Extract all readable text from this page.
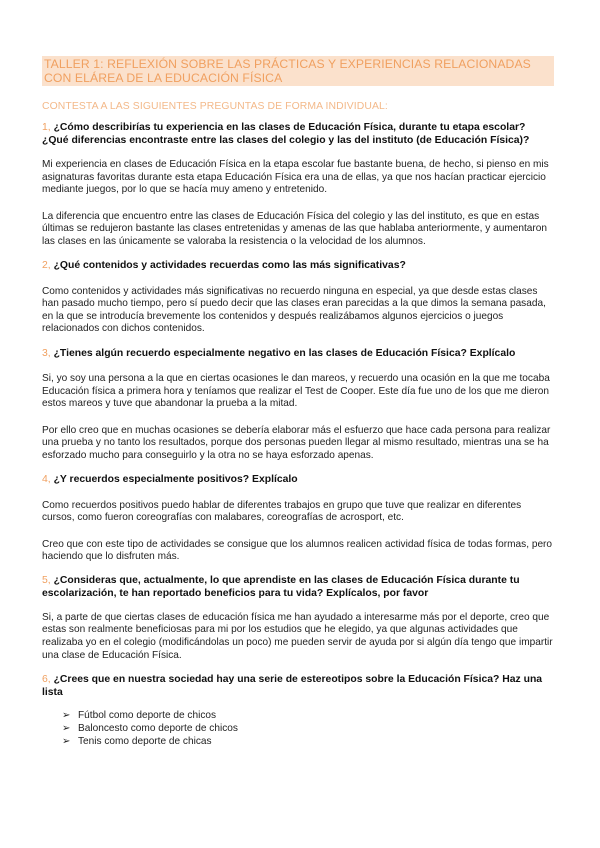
TALLER 1: REFLEXIÓN SOBRE LAS PRÁCTICAS Y EXPERIENCIAS RELACIONADAS CON ELÁREA DE LA EDUCACIÓN FÍSICA
CONTESTA A LAS SIGUIENTES PREGUNTAS DE FORMA INDIVIDUAL:
1, ¿Cómo describirías tu experiencia en las clases de Educación Física, durante tu etapa escolar? ¿Qué diferencias encontraste entre las clases del colegio y las del instituto (de Educación Física)?
Mi experiencia en clases de Educación Física en la etapa escolar fue bastante buena, de hecho, si pienso en mis asignaturas favoritas durante esta etapa Educación Física era una de ellas, ya que nos hacían practicar ejercicio mediante juegos, por lo que se hacía muy ameno y entretenido.
La diferencia que encuentro entre las clases de Educación Física del colegio y las del instituto, es que en estas últimas se redujeron bastante las clases entretenidas y amenas de las que hablaba anteriormente, y aumentaron las clases en las únicamente se valoraba la resistencia o la velocidad de los alumnos.
2, ¿Qué contenidos y actividades recuerdas como las más significativas?
Como contenidos y actividades más significativas no recuerdo ninguna en especial, ya que desde estas clases han pasado mucho tiempo, pero sí puedo decir que las clases eran parecidas a la que dimos la semana pasada, en la que se introducía brevemente los contenidos y después realizábamos algunos ejercicios o juegos relacionados con dichos contenidos.
3, ¿Tienes algún recuerdo especialmente negativo en las clases de Educación Física? Explícalo
Si, yo soy una persona a la que en ciertas ocasiones le dan mareos, y recuerdo una ocasión en la que me tocaba Educación física a primera hora y teníamos que realizar el Test de Cooper. Este día fue uno de los que me dieron estos mareos y tuve que abandonar la prueba a la mitad.
Por ello creo que en muchas ocasiones se debería elaborar más el esfuerzo que hace cada persona para realizar una prueba y no tanto los resultados, porque dos personas pueden llegar al mismo resultado, mientras una se ha esforzado mucho para conseguirlo y la otra no se haya esforzado apenas.
4, ¿Y recuerdos especialmente positivos? Explícalo
Como recuerdos positivos puedo hablar de diferentes trabajos en grupo que tuve que realizar en diferentes cursos, como fueron coreografías con malabares, coreografías de acrosport, etc.
Creo que con este tipo de actividades se consigue que los alumnos realicen actividad física de todas formas, pero haciendo que lo disfruten más.
5, ¿Consideras que, actualmente, lo que aprendiste en las clases de Educación Física durante tu escolarización, te han reportado beneficios para tu vida? Explícalos, por favor
Si, a parte de que ciertas clases de educación física me han ayudado a interesarme más por el deporte, creo que estas son realmente beneficiosas para mi por los estudios que he elegido, ya que algunas actividades que realizaba yo en el colegio (modificándolas un poco) me pueden servir de ayuda por si algún día tengo que impartir una clase de Educación Física.
6, ¿Crees que en nuestra sociedad hay una serie de estereotipos sobre la Educación Física? Haz una lista
➢ Fútbol como deporte de chicos
➢ Baloncesto como deporte de chicos
➢ Tenis como deporte de chicas
